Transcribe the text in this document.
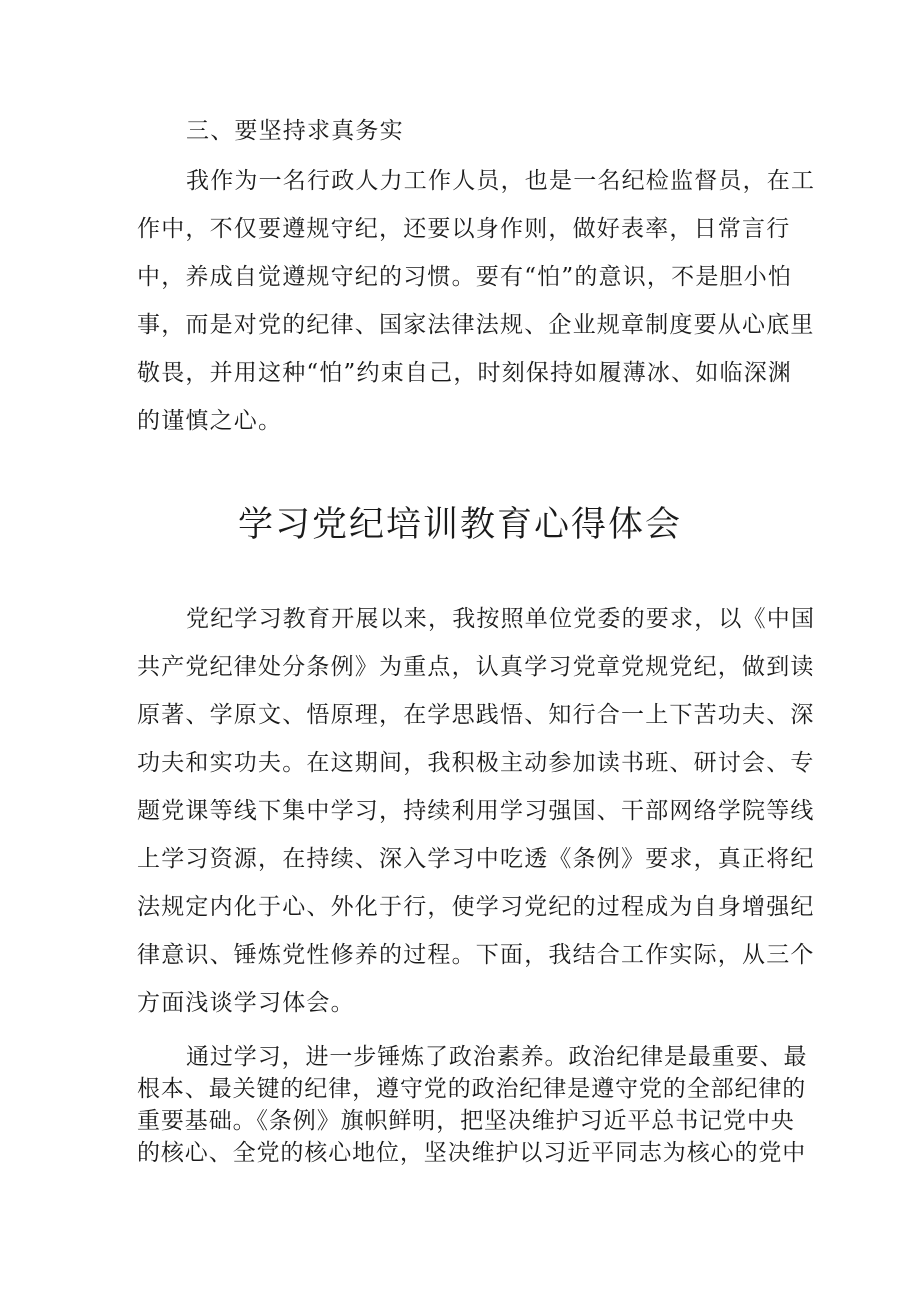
三、要坚持求真务实
我作为一名行政人力工作人员，也是一名纪检监督员，在工
作中，不仅要遵规守纪，还要以身作则，做好表率，日常言行
中，养成自觉遵规守纪的习惯。要有“怕”的意识，不是胆小怕
事，而是对党的纪律、国家法律法规、企业规章制度要从心底里
敬畏，并用这种“怕”约束自己，时刻保持如履薄冰、如临深渊
的谨慎之心。
学习党纪培训教育心得体会
党纪学习教育开展以来，我按照单位党委的要求，以《中国
共产党纪律处分条例》为重点，认真学习党章党规党纪，做到读
原著、学原文、悟原理，在学思践悟、知行合一上下苦功夫、深
功夫和实功夫。在这期间，我积极主动参加读书班、研讨会、专
题党课等线下集中学习，持续利用学习强国、干部网络学院等线
上学习资源，在持续、深入学习中吃透《条例》要求，真正将纪
法规定内化于心、外化于行，使学习党纪的过程成为自身增强纪
律意识、锤炼党性修养的过程。下面，我结合工作实际，从三个
方面浅谈学习体会。
通过学习，进一步锤炼了政治素养。政治纪律是最重要、最
根本、最关键的纪律，遵守党的政治纪律是遵守党的全部纪律的
重要基础。《条例》旗帜鲜明，把坚决维护习近平总书记党中央
的核心、全党的核心地位，坚决维护以习近平同志为核心的党中
